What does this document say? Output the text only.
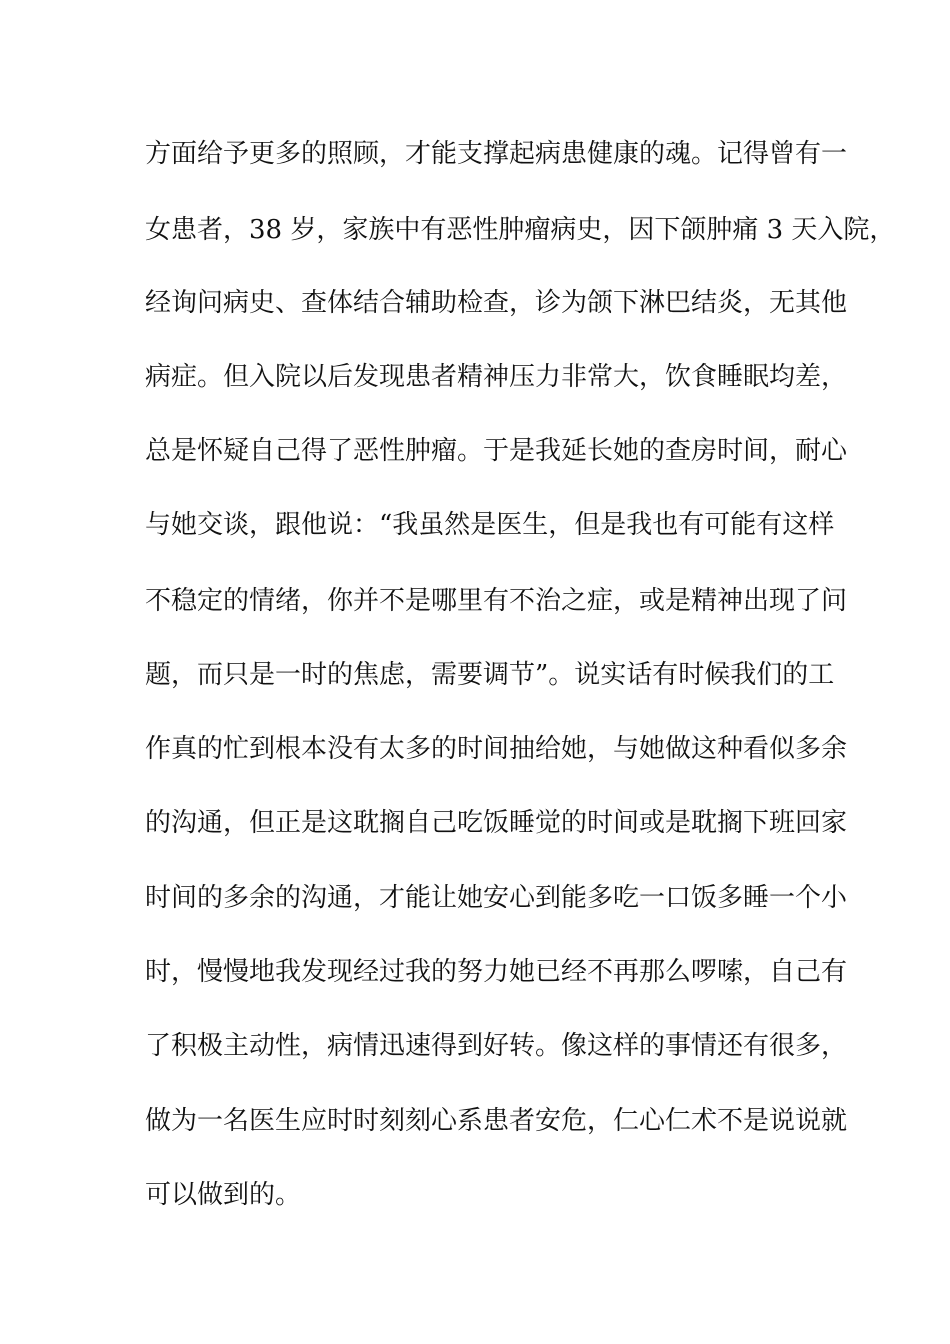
方面给予更多的照顾，才能支撑起病患健康的魂。记得曾有一
女患者，38 岁，家族中有恶性肿瘤病史，因下颌肿痛 3 天入院，
经询问病史、查体结合辅助检查，诊为颌下淋巴结炎，无其他
病症。但入院以后发现患者精神压力非常大，饮食睡眠均差，
总是怀疑自己得了恶性肿瘤。于是我延长她的查房时间，耐心
与她交谈，跟他说：“我虽然是医生，但是我也有可能有这样
不稳定的情绪，你并不是哪里有不治之症，或是精神出现了问
题，而只是一时的焦虑，需要调节”。说实话有时候我们的工
作真的忙到根本没有太多的时间抽给她，与她做这种看似多余
的沟通，但正是这耽搁自己吃饭睡觉的时间或是耽搁下班回家
时间的多余的沟通，才能让她安心到能多吃一口饭多睡一个小
时，慢慢地我发现经过我的努力她已经不再那么啰嗦，自己有
了积极主动性，病情迅速得到好转。像这样的事情还有很多，
做为一名医生应时时刻刻心系患者安危，仁心仁术不是说说就
可以做到的。
